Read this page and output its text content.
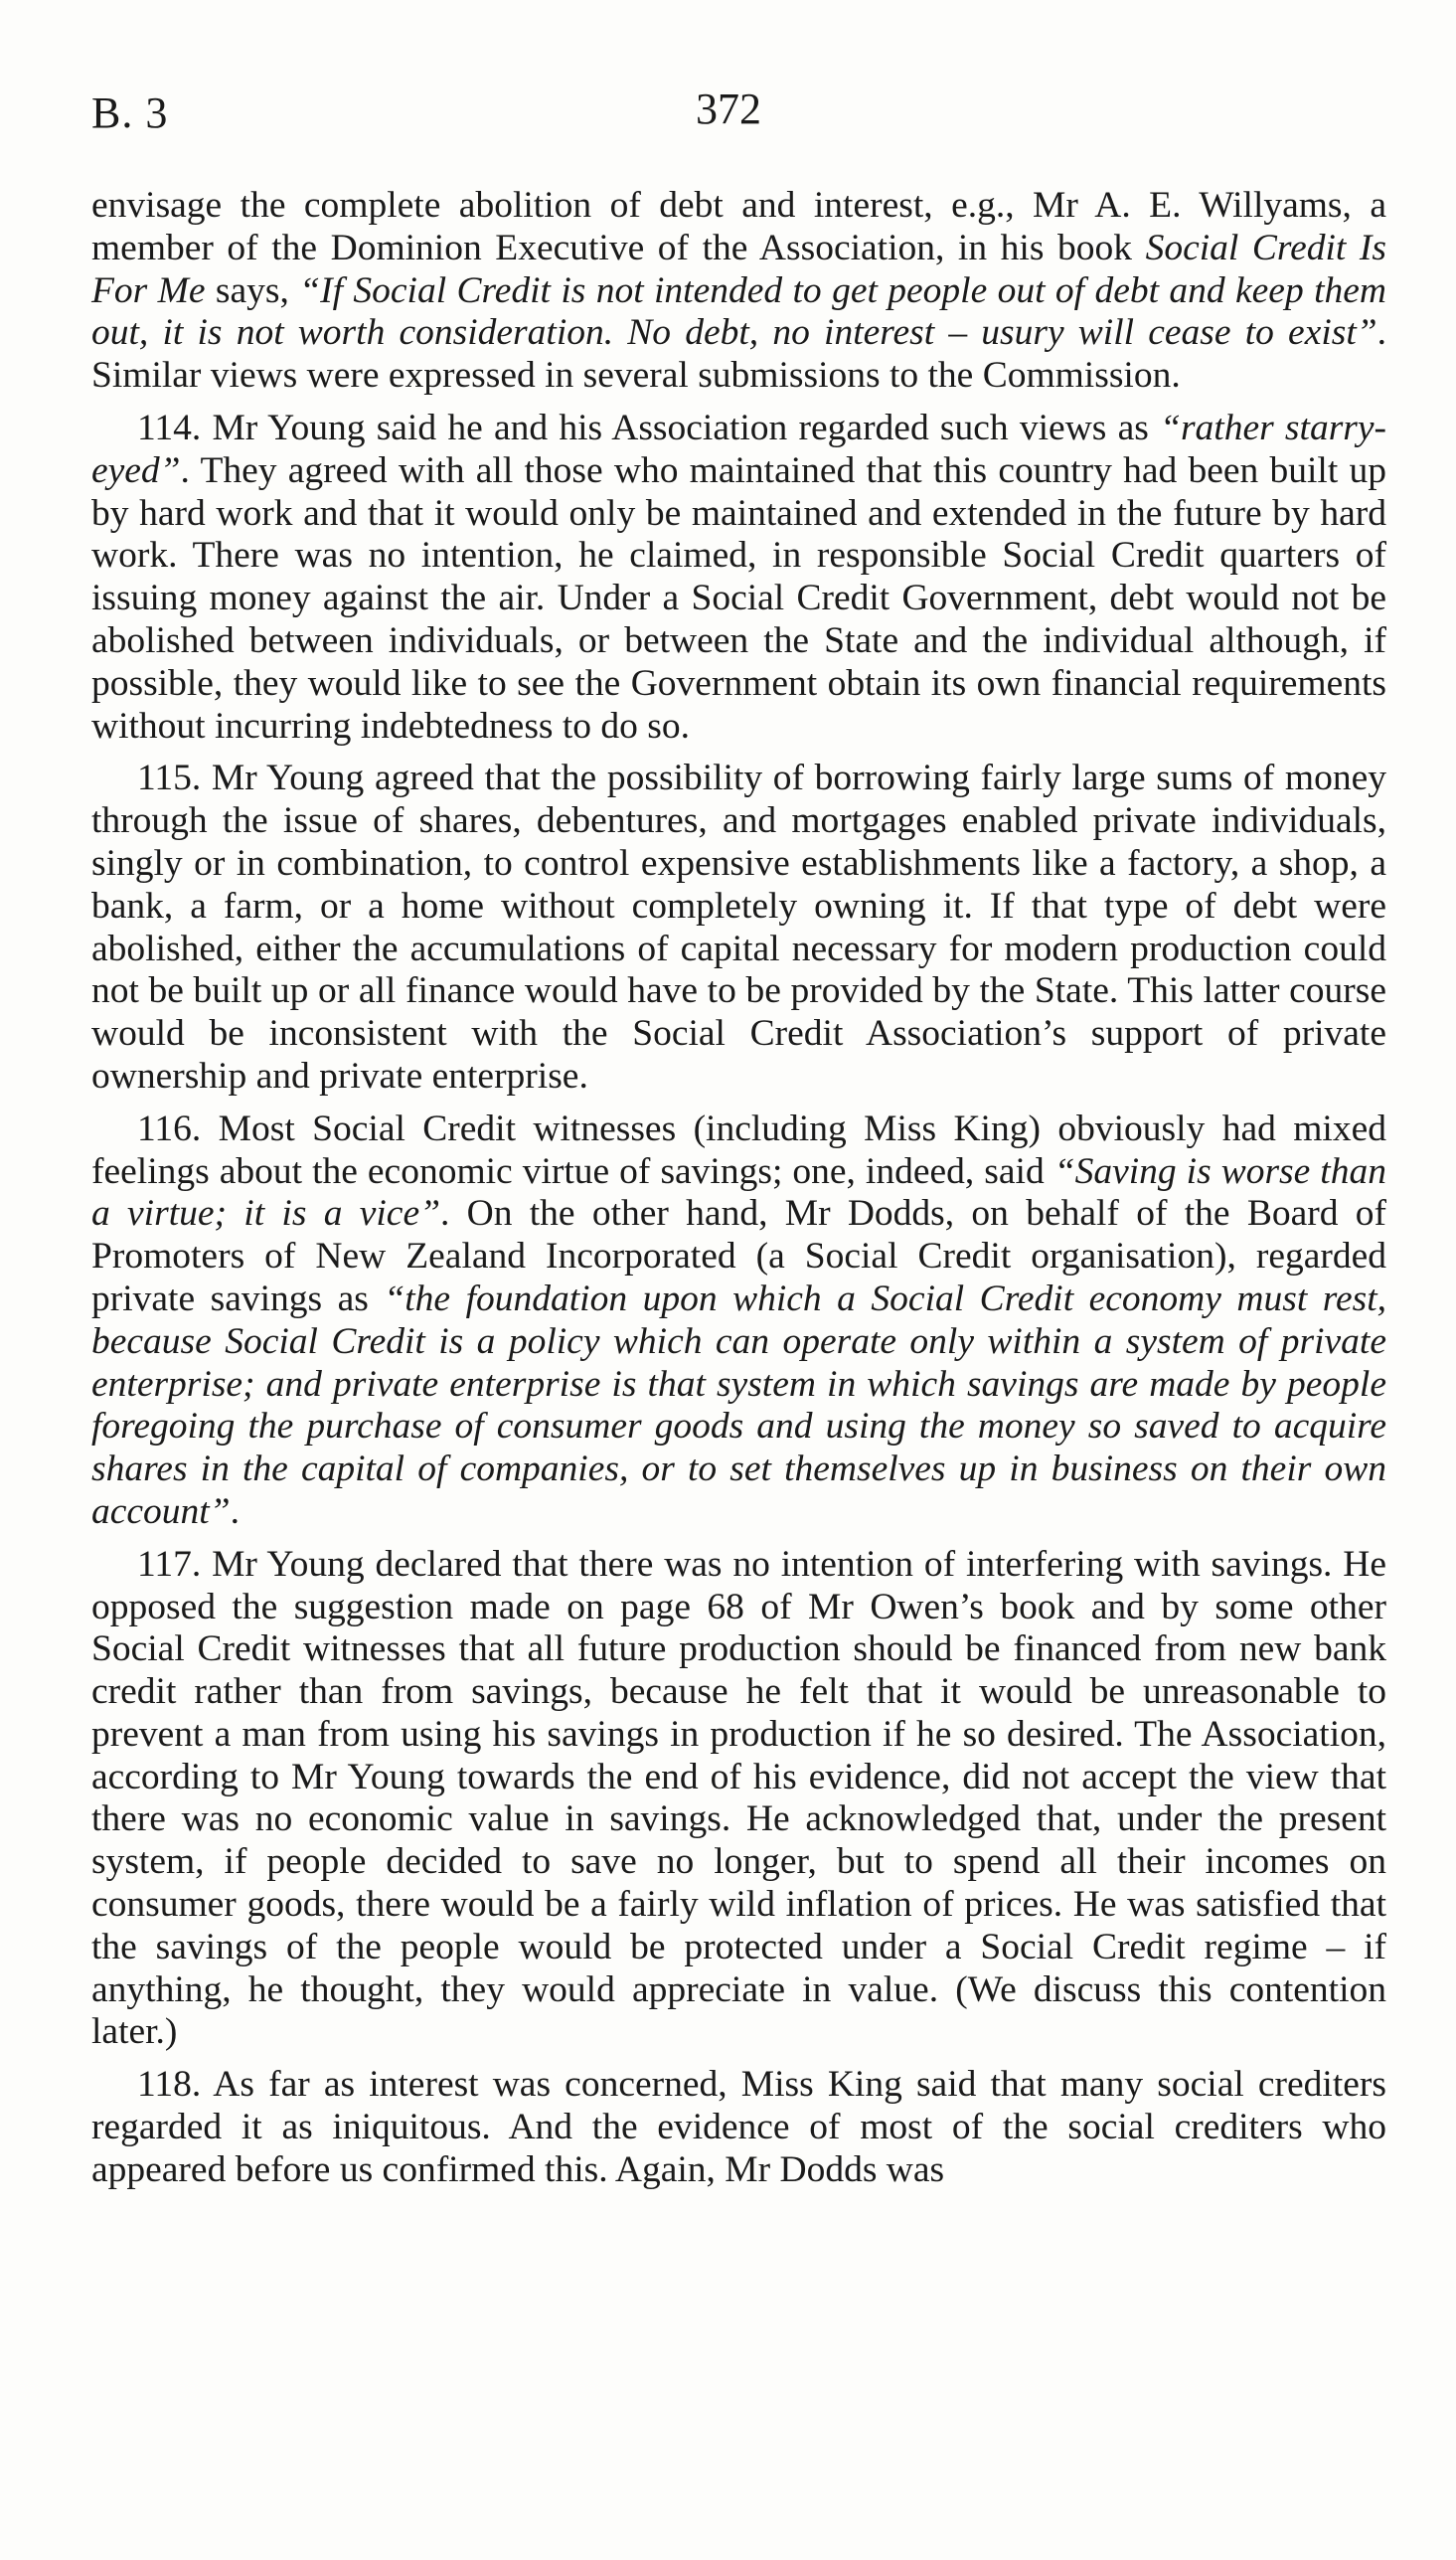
B. 3	372

envisage the complete abolition of debt and interest, e.g., Mr A. E. Willyams, a member of the Dominion Executive of the Association, in his book Social Credit Is For Me says, “If Social Credit is not intended to get people out of debt and keep them out, it is not worth consideration. No debt, no interest – usury will cease to exist”. Similar views were expressed in several submissions to the Commission.

114. Mr Young said he and his Association regarded such views as “rather starry-eyed”. They agreed with all those who maintained that this country had been built up by hard work and that it would only be maintained and extended in the future by hard work. There was no intention, he claimed, in responsible Social Credit quarters of issuing money against the air. Under a Social Credit Government, debt would not be abolished between individuals, or between the State and the individual although, if possible, they would like to see the Government obtain its own financial requirements without incurring indebtedness to do so.

115. Mr Young agreed that the possibility of borrowing fairly large sums of money through the issue of shares, debentures, and mortgages enabled private individuals, singly or in combination, to control expensive establishments like a factory, a shop, a bank, a farm, or a home without completely owning it. If that type of debt were abolished, either the accumulations of capital necessary for modern production could not be built up or all finance would have to be provided by the State. This latter course would be inconsistent with the Social Credit Association’s support of private ownership and private enterprise.

116. Most Social Credit witnesses (including Miss King) obviously had mixed feelings about the economic virtue of savings; one, indeed, said “Saving is worse than a virtue; it is a vice”. On the other hand, Mr Dodds, on behalf of the Board of Promoters of New Zealand Incorporated (a Social Credit organisation), regarded private savings as “the foundation upon which a Social Credit economy must rest, because Social Credit is a policy which can operate only within a system of private enterprise; and private enterprise is that system in which savings are made by people foregoing the purchase of consumer goods and using the money so saved to acquire shares in the capital of companies, or to set themselves up in business on their own account”.

117. Mr Young declared that there was no intention of interfering with savings. He opposed the suggestion made on page 68 of Mr Owen’s book and by some other Social Credit witnesses that all future production should be financed from new bank credit rather than from savings, because he felt that it would be unreasonable to prevent a man from using his savings in production if he so desired. The Association, according to Mr Young towards the end of his evidence, did not accept the view that there was no economic value in savings. He acknowledged that, under the present system, if people decided to save no longer, but to spend all their incomes on consumer goods, there would be a fairly wild inflation of prices. He was satisfied that the savings of the people would be protected under a Social Credit regime – if anything, he thought, they would appreciate in value. (We discuss this contention later.)

118. As far as interest was concerned, Miss King said that many social crediters regarded it as iniquitous. And the evidence of most of the social crediters who appeared before us confirmed this. Again, Mr Dodds was
